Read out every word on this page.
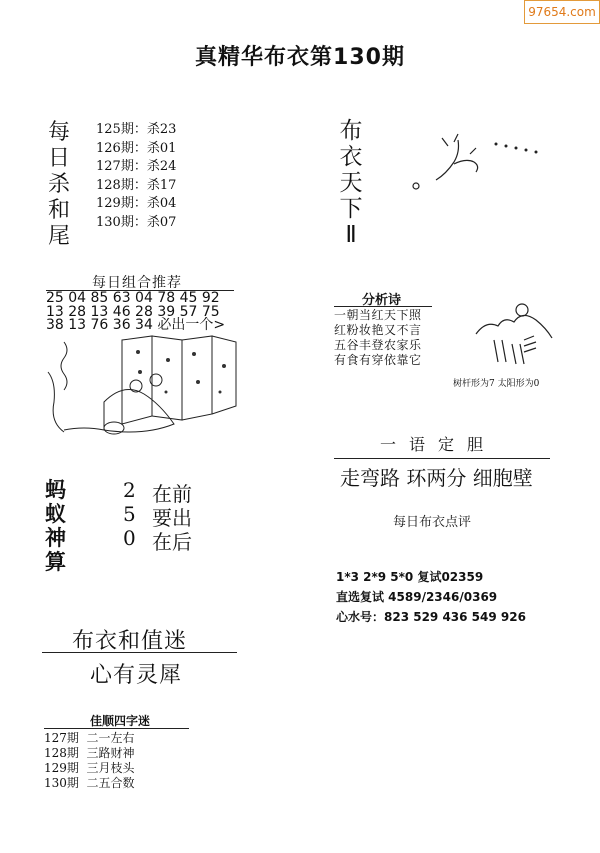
97654.com
真精华布衣第130期
每
日
杀
和
尾
125期：杀23
126期：杀01
127期：杀24
128期：杀17
129期：杀04
130期：杀07
每日组合推荐
25 04 85 63 04 78 45 92
13 28 13 46 28 39 57 75
38 13 76 36 34 必出一个>
蚂
蚁
神
算
2 在前
5 要出
0 在后
布衣和值迷
心有灵犀
佳顺四字迷
127期  二一左右
128期  三路财神
129期  三月枝头
130期  二五合数
布
衣
天
下
Ⅱ
分析诗
一朝当红天下照
红粉妆艳又不言
五谷丰登农家乐
有食有穿依靠它
树杆形为7 太阳形为0
一语定胆
走弯路 环两分 细胞壁
每日布衣点评
1*3 2*9 5*0 复试02359
直选复试 4589/2346/0369
心水号：823 529 436 549 926
